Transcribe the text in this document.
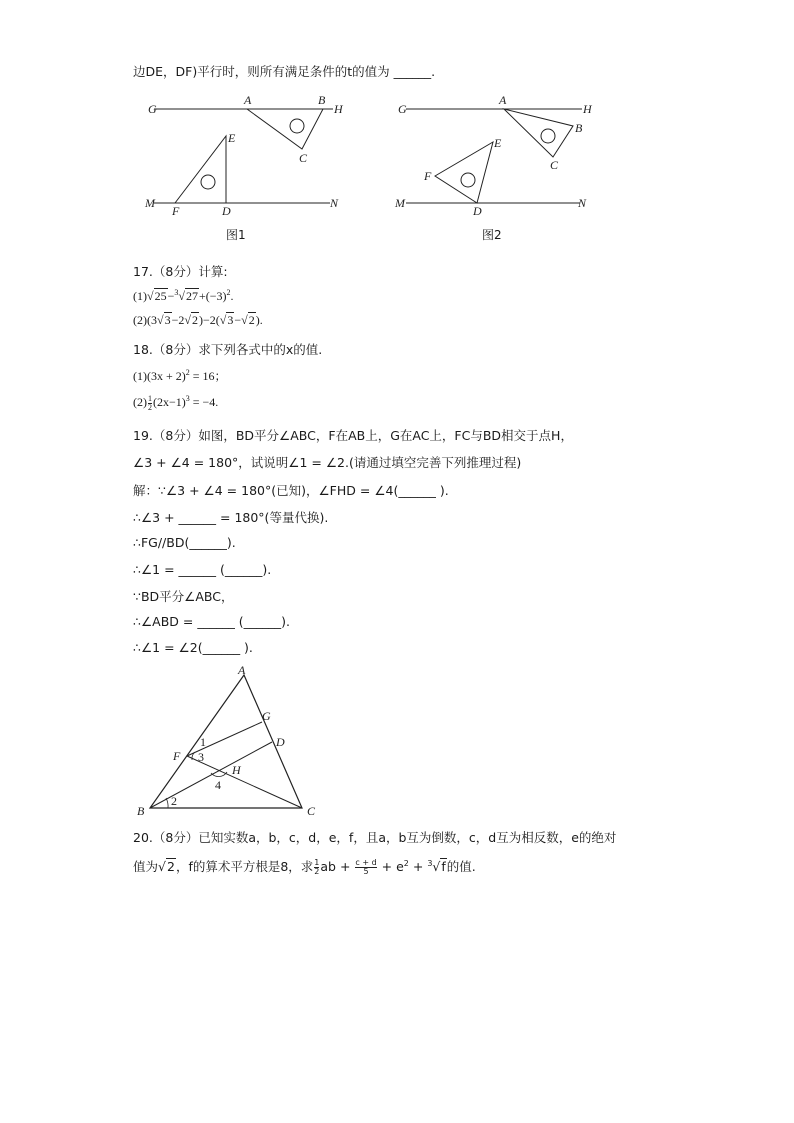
边DE，DF)平行时，则所有满足条件的t的值为 ______.
G
A	B
H
C
E
M
F	D
N
图1
G
A
H
B
E
C
F
M
D
N
图2
17.（8分）计算:
$(1)√25-^3√27+(-3)^2$.
(2)(3√3−2√2)−2(√3−√2).
18.（8分）求下列各式中的x的值.
$(1)(3x + 2)^2 = 16$；
$(2) \frac{1}{2} (2x-1)^3 = -4$.
19.（8分）如图，BD平分∠ABC，F在AB上，G在AC上，FC与BD相交于点H，
∠3 + ∠4 = 180°，试说明∠1 = ∠2.(请通过填空完善下列推理过程)
解：∵∠3 + ∠4 = 180°(已知)，∠FHD = ∠4(______ ).
∴∠3 + ______ = 180°(等量代换).
∴FG//BD(______).
∴∠1 = ______ (______).
∵BD平分∠ABC，
∴∠ABD = ______ (______).
∴∠1 = ∠2(______ ).
A
G
D
F
H
B	C
1
2
3
4
20.（8分）已知实数a，b，c，d，e，f，且a，b互为倒数，c，d互为相反数，e的绝对
值为√2，f的算术平方根是8，求 $\frac{1}{2}$ ab + $\frac{c + d}{5} + e^2 + ^3√f$的值.
